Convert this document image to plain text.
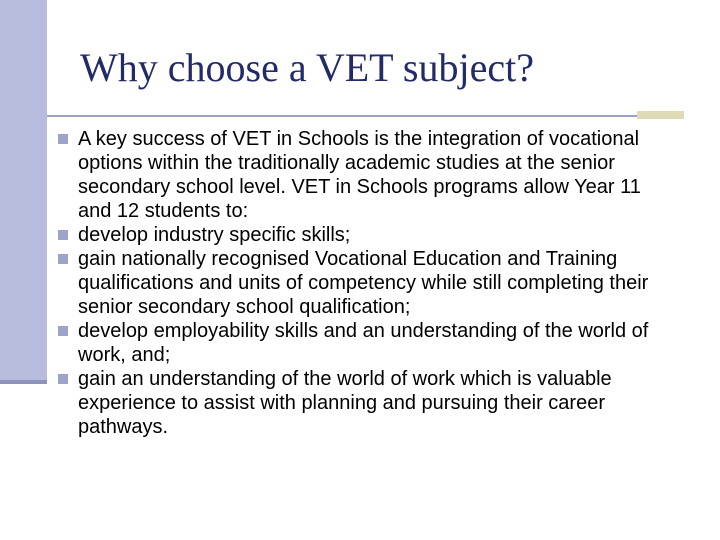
Why choose a VET subject?
A key success of VET in Schools is the integration of vocational options within the traditionally academic studies at the senior secondary school level. VET in Schools programs allow Year 11 and 12 students to:
develop industry specific skills;
gain nationally recognised Vocational Education and Training qualifications and units of competency while still completing their senior secondary school qualification;
develop employability skills and an understanding of the world of work, and;
gain an understanding of the world of work which is valuable experience to assist with planning and pursuing their career pathways.
